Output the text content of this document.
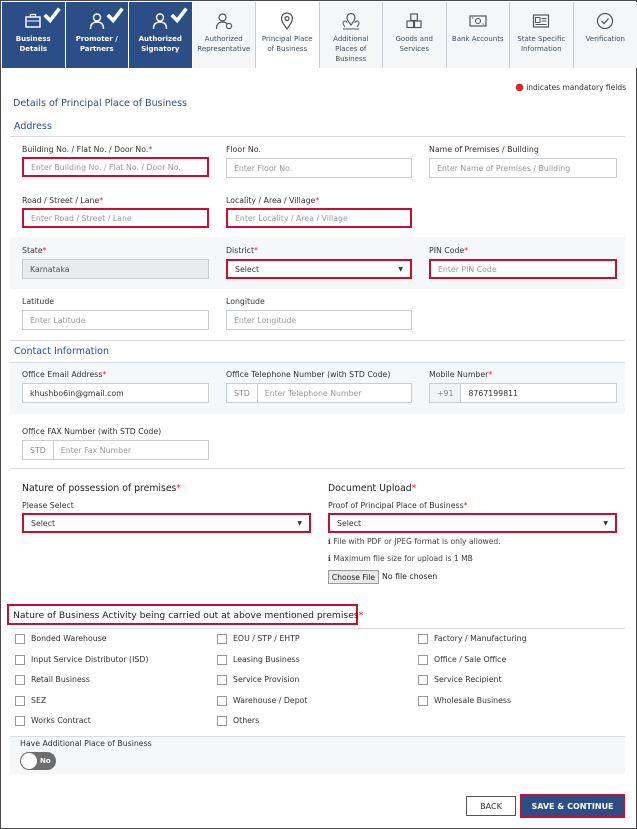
Business Details
Promoter / Partners
Authorized Signatory
Authorized Representative
Principal Place of Business
Additional Places of Business
Goods and Services
Bank Accounts	State Specific Information
Verification
● indicates mandatory fields
Details of Principal Place of Business
Address
Building No. / Flat No. / Door No.*
Enter Building No. / Flat No. / Door No.
Floor No.
Enter Floor No.
Name of Premises / Building
Enter Name of Premises / Building
Road / Street / Lane*
Enter Road / Street / Lane
Locality / Area / Village*
Enter Locality / Area / Village
State*
Karnataka
District*
Select	▼
PIN Code*
Enter PIN Code
Latitude
Enter Latitude
Longitude
Enter Longitude
Contact Information
Office Email Address*
khushbo6in@gmail.com
Office Telephone Number (with STD Code)
STD	Enter Telephone Number
Mobile Number*
+91	8767199811
Office FAX Number (with STD Code)
STD	Enter Fax Number
Nature of possession of premises*
Please Select
Select	▼
Document Upload*
Proof of Principal Place of Business*
Select	▼
ℹ File with PDF or JPEG format is only allowed.
ℹ Maximum file size for upload is 1 MB
Choose File No file chosen
Nature of Business Activity being carried out at above mentioned premises*
Bonded Warehouse	EOU / STP / EHTP	Factory / Manufacturing
Input Service Distributor (ISD)	Leasing Business	Office / Sale Office
Retail Business	Service Provision	Service Recipient
SEZ	Warehouse / Depot	Wholesale Business
Works Contract	Others
Have Additional Place of Business
No
BACK	SAVE & CONTINUE
